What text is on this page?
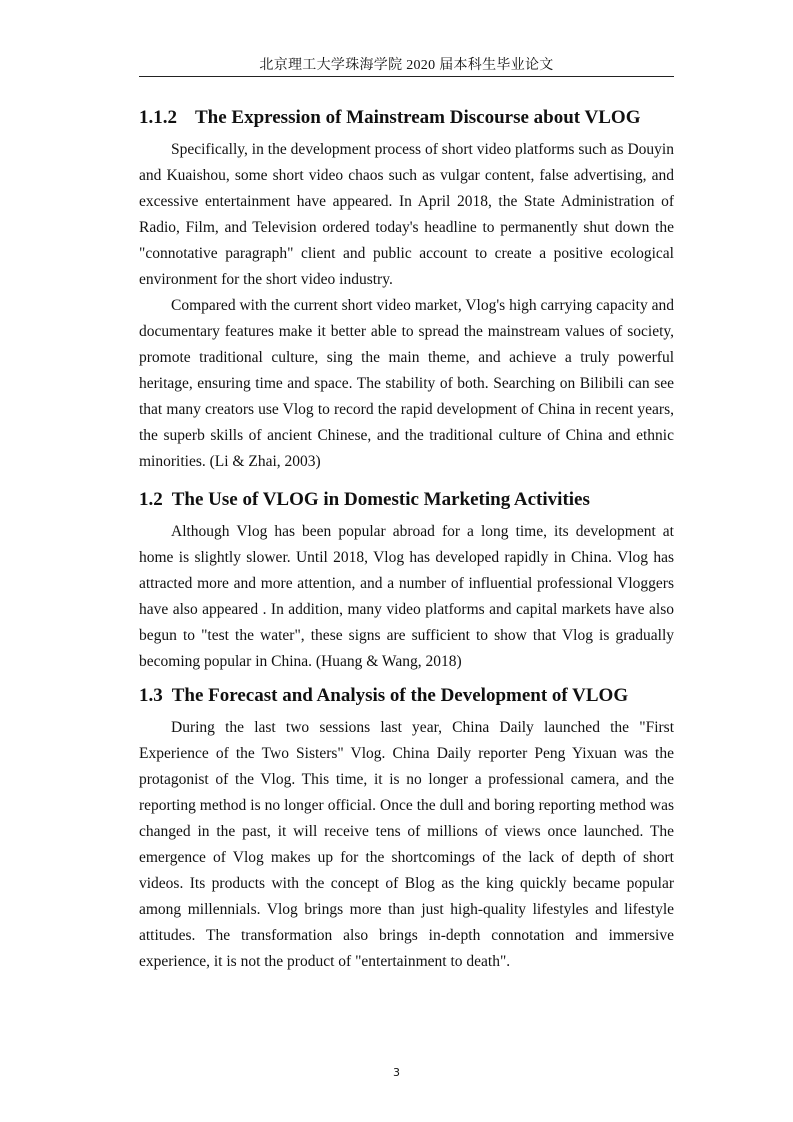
北京理工大学珠海学院 2020 届本科生毕业论文
1.1.2 The Expression of Mainstream Discourse about VLOG

Specifically, in the development process of short video platforms such as Douyin and Kuaishou, some short video chaos such as vulgar content, false advertising, and excessive entertainment have appeared. In April 2018, the State Administration of Radio, Film, and Television ordered today's headline to permanently shut down the "connotative paragraph" client and public account to create a positive ecological environment for the short video industry.

Compared with the current short video market, Vlog's high carrying capacity and documentary features make it better able to spread the mainstream values of society, promote traditional culture, sing the main theme, and achieve a truly powerful heritage, ensuring time and space. The stability of both. Searching on Bilibili can see that many creators use Vlog to record the rapid development of China in recent years, the superb skills of ancient Chinese, and the traditional culture of China and ethnic minorities. (Li & Zhai, 2003)

1.2 The Use of VLOG in Domestic Marketing Activities

Although Vlog has been popular abroad for a long time, its development at home is slightly slower. Until 2018, Vlog has developed rapidly in China. Vlog has attracted more and more attention, and a number of influential professional Vloggers have also appeared . In addition, many video platforms and capital markets have also begun to "test the water", these signs are sufficient to show that Vlog is gradually becoming popular in China. (Huang & Wang, 2018)

1.3 The Forecast and Analysis of the Development of VLOG

During the last two sessions last year, China Daily launched the "First Experience of the Two Sisters" Vlog. China Daily reporter Peng Yixuan was the protagonist of the Vlog. This time, it is no longer a professional camera, and the reporting method is no longer official. Once the dull and boring reporting method was changed in the past, it will receive tens of millions of views once launched. The emergence of Vlog makes up for the shortcomings of the lack of depth of short videos. Its products with the concept of Blog as the king quickly became popular among millennials. Vlog brings more than just high-quality lifestyles and lifestyle attitudes. The transformation also brings in-depth connotation and immersive experience, it is not the product of "entertainment to death".

3
